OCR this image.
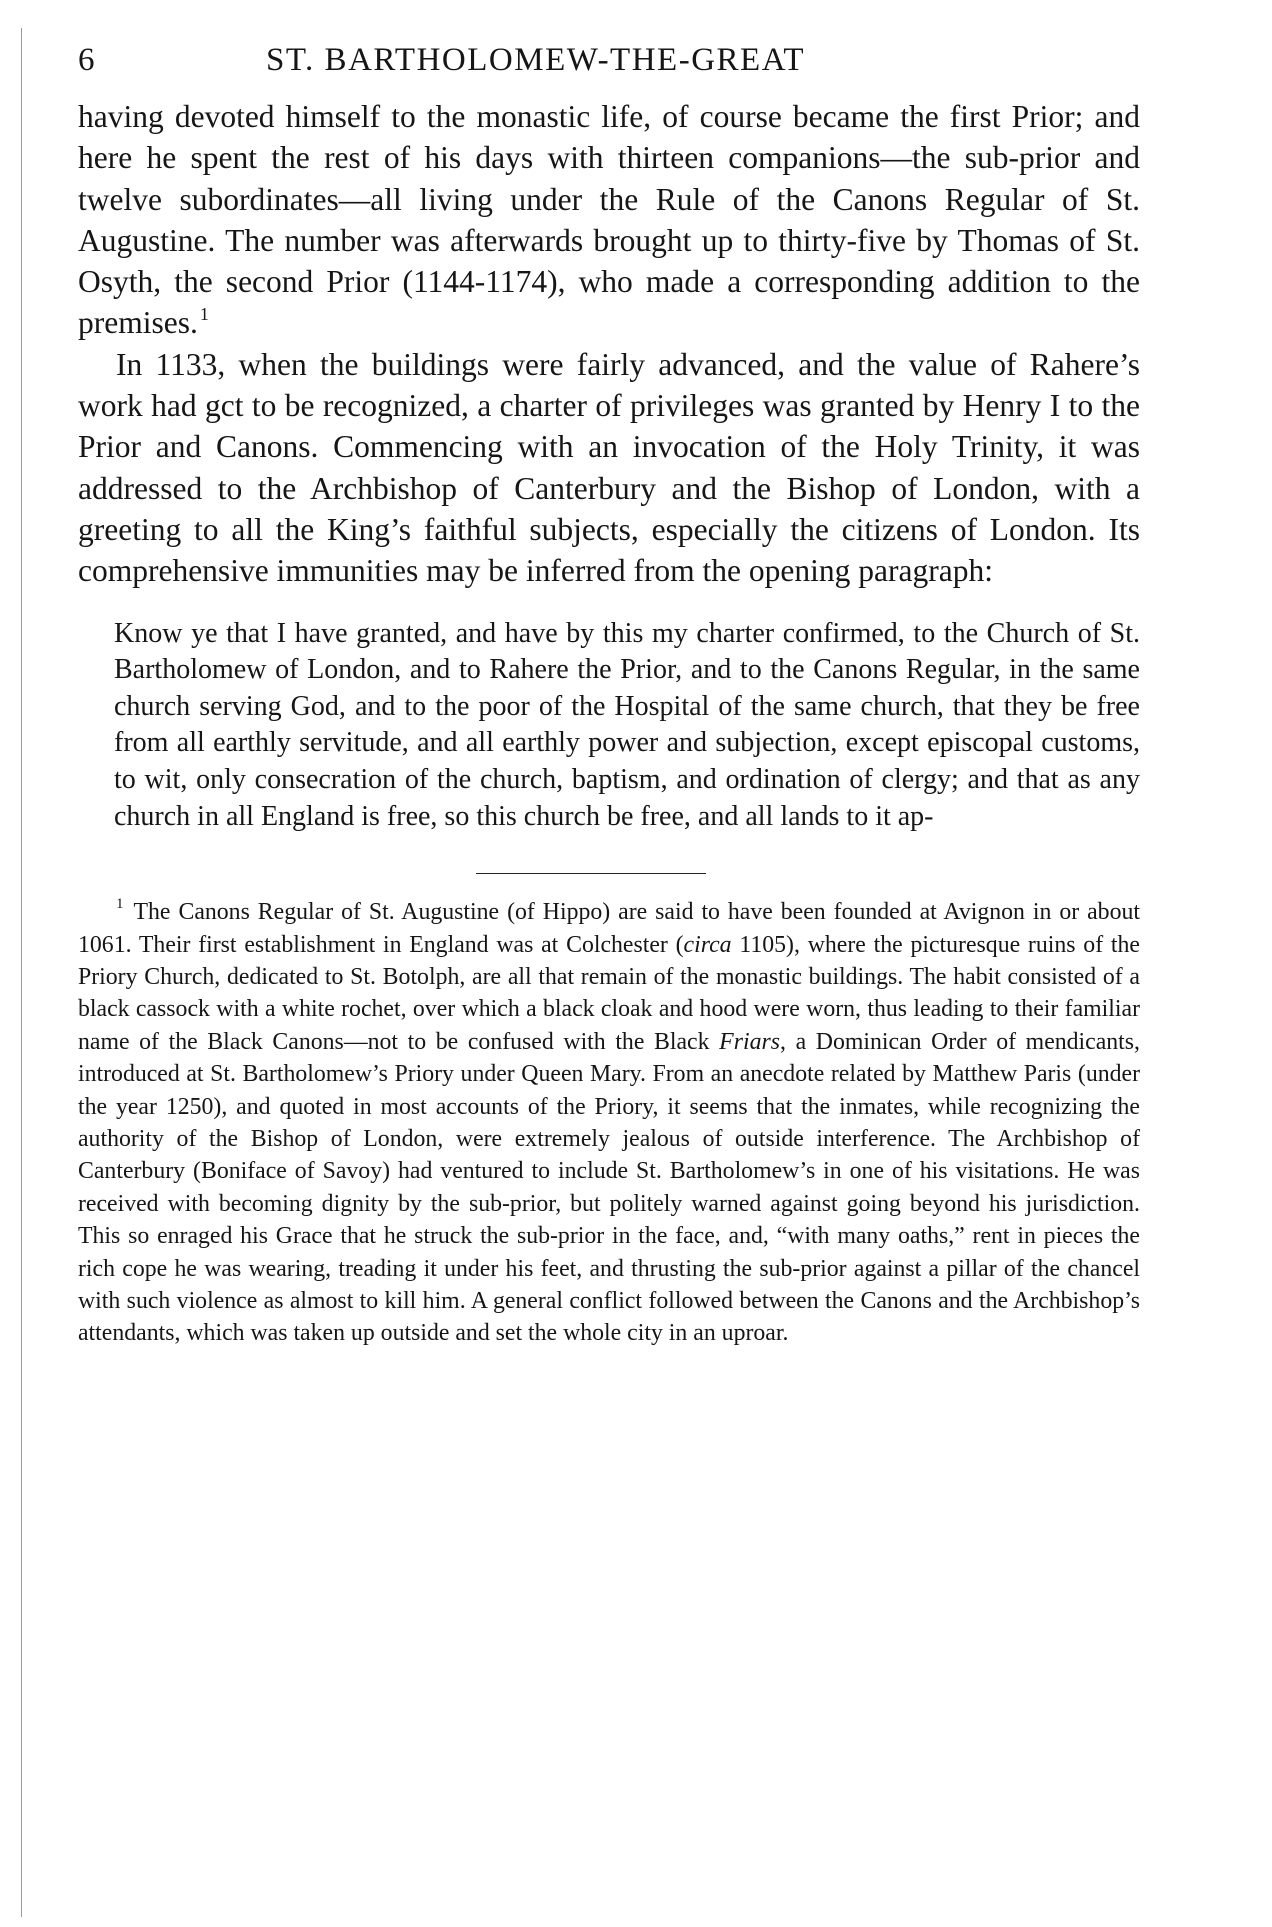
6	ST. BARTHOLOMEW-THE-GREAT

having devoted himself to the monastic life, of course became the first Prior; and here he spent the rest of his days with thirteen companions—the sub-prior and twelve subordinates—all living under the Rule of the Canons Regular of St. Augustine. The number was afterwards brought up to thirty-five by Thomas of St. Osyth, the second Prior (1144-1174), who made a corresponding addition to the premises. $^1$

In 1133, when the buildings were fairly advanced, and the value of Rahere’s work had gct to be recognized, a charter of privileges was granted by Henry I to the Prior and Canons. Commencing with an invocation of the Holy Trinity, it was addressed to the Archbishop of Canterbury and the Bishop of London, with a greeting to all the King’s faithful subjects, especially the citizens of London. Its comprehensive immunities may be inferred from the opening paragraph:

Know ye that I have granted, and have by this my charter confirmed, to the Church of St. Bartholomew of London, and to Rahere the Prior, and to the Canons Regular, in the same church serving God, and to the poor of the Hospital of the same church, that they be free from all earthly servitude, and all earthly power and subjection, except episcopal customs, to wit, only consecration of the church, baptism, and ordination of clergy; and that as any church in all England is free, so this church be free, and all lands to it ap-

$^1$ The Canons Regular of St. Augustine (of Hippo) are said to have been founded at Avignon in or about 1061. Their first establishment in England was at Colchester (circa 1105), where the picturesque ruins of the Priory Church, dedicated to St. Botolph, are all that remain of the monastic buildings. The habit consisted of a black cassock with a white rochet, over which a black cloak and hood were worn, thus leading to their familiar name of the Black Canons—not to be confused with the Black Friars, a Dominican Order of mendicants, introduced at St. Bartholomew’s Priory under Queen Mary. From an anecdote related by Matthew Paris (under the year 1250), and quoted in most accounts of the Priory, it seems that the inmates, while recognizing the authority of the Bishop of London, were extremely jealous of outside interference. The Archbishop of Canterbury (Boniface of Savoy) had ventured to include St. Bartholomew’s in one of his visitations. He was received with becoming dignity by the sub-prior, but politely warned against going beyond his jurisdiction. This so enraged his Grace that he struck the sub-prior in the face, and, “with many oaths,” rent in pieces the rich cope he was wearing, treading it under his feet, and thrusting the sub-prior against a pillar of the chancel with such violence as almost to kill him. A general conflict followed between the Canons and the Archbishop’s attendants, which was taken up outside and set the whole city in an uproar.
